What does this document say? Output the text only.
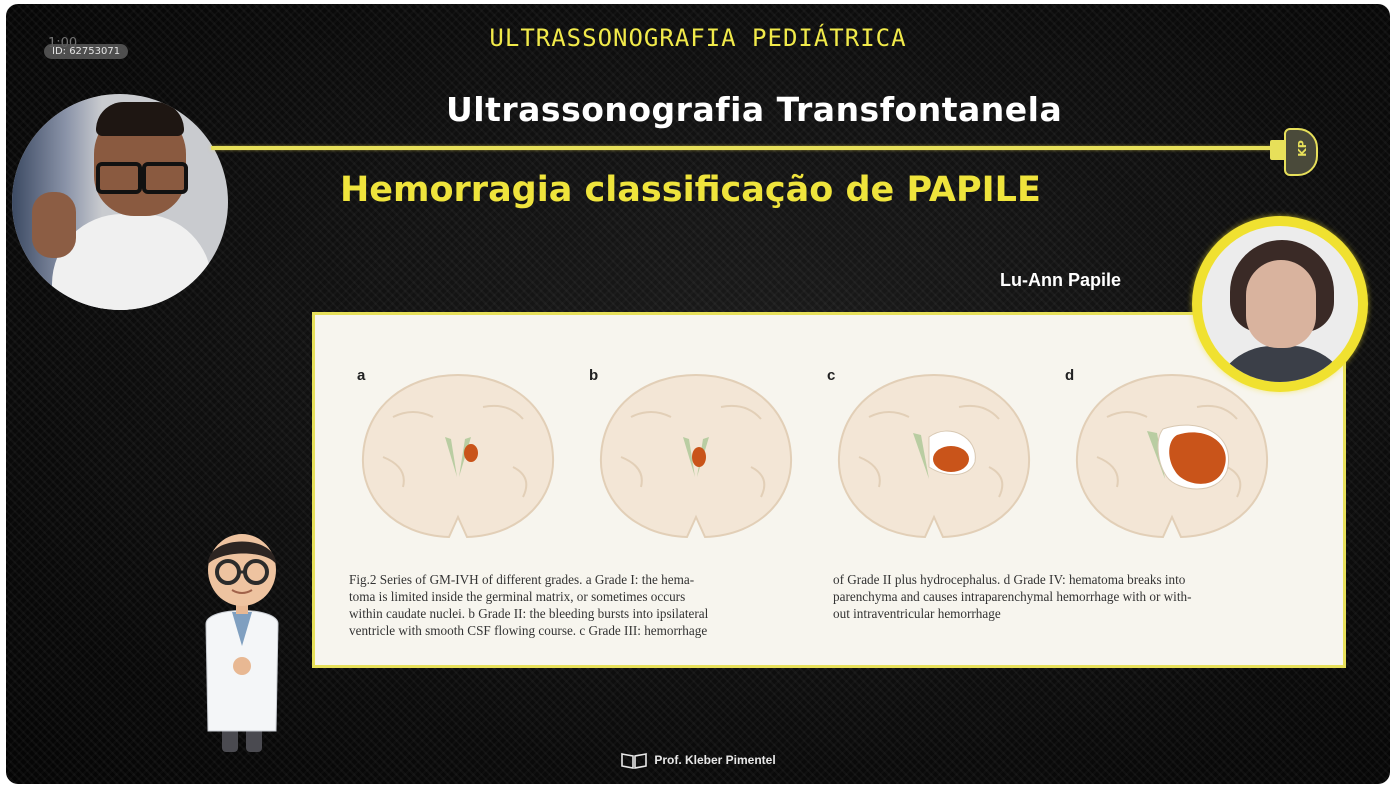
ULTRASSONOGRAFIA PEDIÁTRICA
ID: 62753071
Ultrassonografia Transfontanela
KP
Hemorragia classificação de PAPILE
Lu-Ann Papile
a	b	c	d
Fig.2 Series of GM-IVH of different grades. a Grade I: the hema-
toma is limited inside the germinal matrix, or sometimes occurs
within caudate nuclei. b Grade II: the bleeding bursts into ipsilateral
ventricle with smooth CSF flowing course. c Grade III: hemorrhage
of Grade II plus hydrocephalus. d Grade IV: hematoma breaks into
parenchyma and causes intraparenchymal hemorrhage with or with-
out intraventricular hemorrhage
Prof. Kleber Pimentel
